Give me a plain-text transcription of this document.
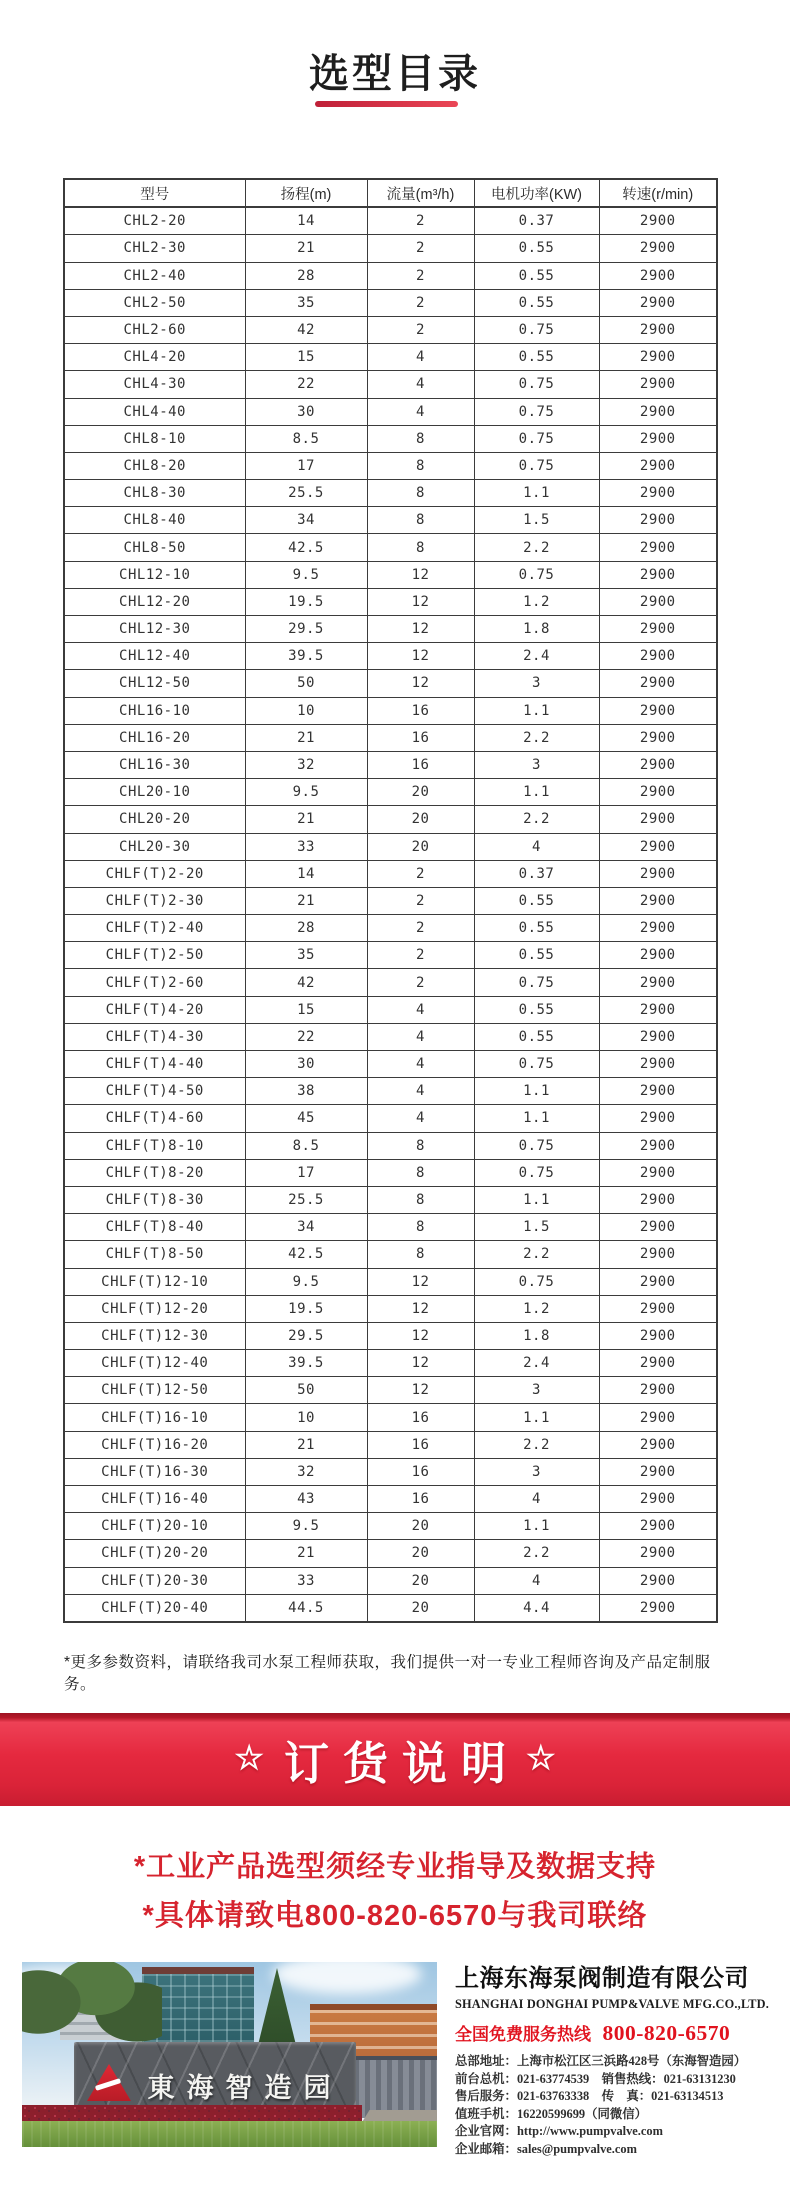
选型目录
型号	扬程(m)	流量(m³/h)	电机功率(KW)	转速(r/min)
CHL2-20	14	2	0.37	2900
CHL2-30	21	2	0.55	2900
CHL2-40	28	2	0.55	2900
CHL2-50	35	2	0.55	2900
CHL2-60	42	2	0.75	2900
CHL4-20	15	4	0.55	2900
CHL4-30	22	4	0.75	2900
CHL4-40	30	4	0.75	2900
CHL8-10	8.5	8	0.75	2900
CHL8-20	17	8	0.75	2900
CHL8-30	25.5	8	1.1	2900
CHL8-40	34	8	1.5	2900
CHL8-50	42.5	8	2.2	2900
CHL12-10	9.5	12	0.75	2900
CHL12-20	19.5	12	1.2	2900
CHL12-30	29.5	12	1.8	2900
CHL12-40	39.5	12	2.4	2900
CHL12-50	50	12	3	2900
CHL16-10	10	16	1.1	2900
CHL16-20	21	16	2.2	2900
CHL16-30	32	16	3	2900
CHL20-10	9.5	20	1.1	2900
CHL20-20	21	20	2.2	2900
CHL20-30	33	20	4	2900
CHLF(T)2-20	14	2	0.37	2900
CHLF(T)2-30	21	2	0.55	2900
CHLF(T)2-40	28	2	0.55	2900
CHLF(T)2-50	35	2	0.55	2900
CHLF(T)2-60	42	2	0.75	2900
CHLF(T)4-20	15	4	0.55	2900
CHLF(T)4-30	22	4	0.55	2900
CHLF(T)4-40	30	4	0.75	2900
CHLF(T)4-50	38	4	1.1	2900
CHLF(T)4-60	45	4	1.1	2900
CHLF(T)8-10	8.5	8	0.75	2900
CHLF(T)8-20	17	8	0.75	2900
CHLF(T)8-30	25.5	8	1.1	2900
CHLF(T)8-40	34	8	1.5	2900
CHLF(T)8-50	42.5	8	2.2	2900
CHLF(T)12-10	9.5	12	0.75	2900
CHLF(T)12-20	19.5	12	1.2	2900
CHLF(T)12-30	29.5	12	1.8	2900
CHLF(T)12-40	39.5	12	2.4	2900
CHLF(T)12-50	50	12	3	2900
CHLF(T)16-10	10	16	1.1	2900
CHLF(T)16-20	21	16	2.2	2900
CHLF(T)16-30	32	16	3	2900
CHLF(T)16-40	43	16	4	2900
CHLF(T)20-10	9.5	20	1.1	2900
CHLF(T)20-20	21	20	2.2	2900
CHLF(T)20-30	33	20	4	2900
CHLF(T)20-40	44.5	20	4.4	2900
*更多参数资料，请联络我司水泵工程师获取，我们提供一对一专业工程师咨询及产品定制服务。
☆ 订货说明 ☆
*工业产品选型须经专业指导及数据支持
*具体请致电800-820-6570与我司联络
東海智造园
上海东海泵阀制造有限公司
SHANGHAI DONGHAI PUMP&VALVE MFG.CO.,LTD.
全国免费服务热线 800-820-6570
总部地址：上海市松江区三浜路428号（东海智造园）
前台总机：021-63774539　销售热线：021-63131230
售后服务：021-63763338　传　真：021-63134513
值班手机：16220599699（同微信）
企业官网：http://www.pumpvalve.com
企业邮箱：sales@pumpvalve.com
